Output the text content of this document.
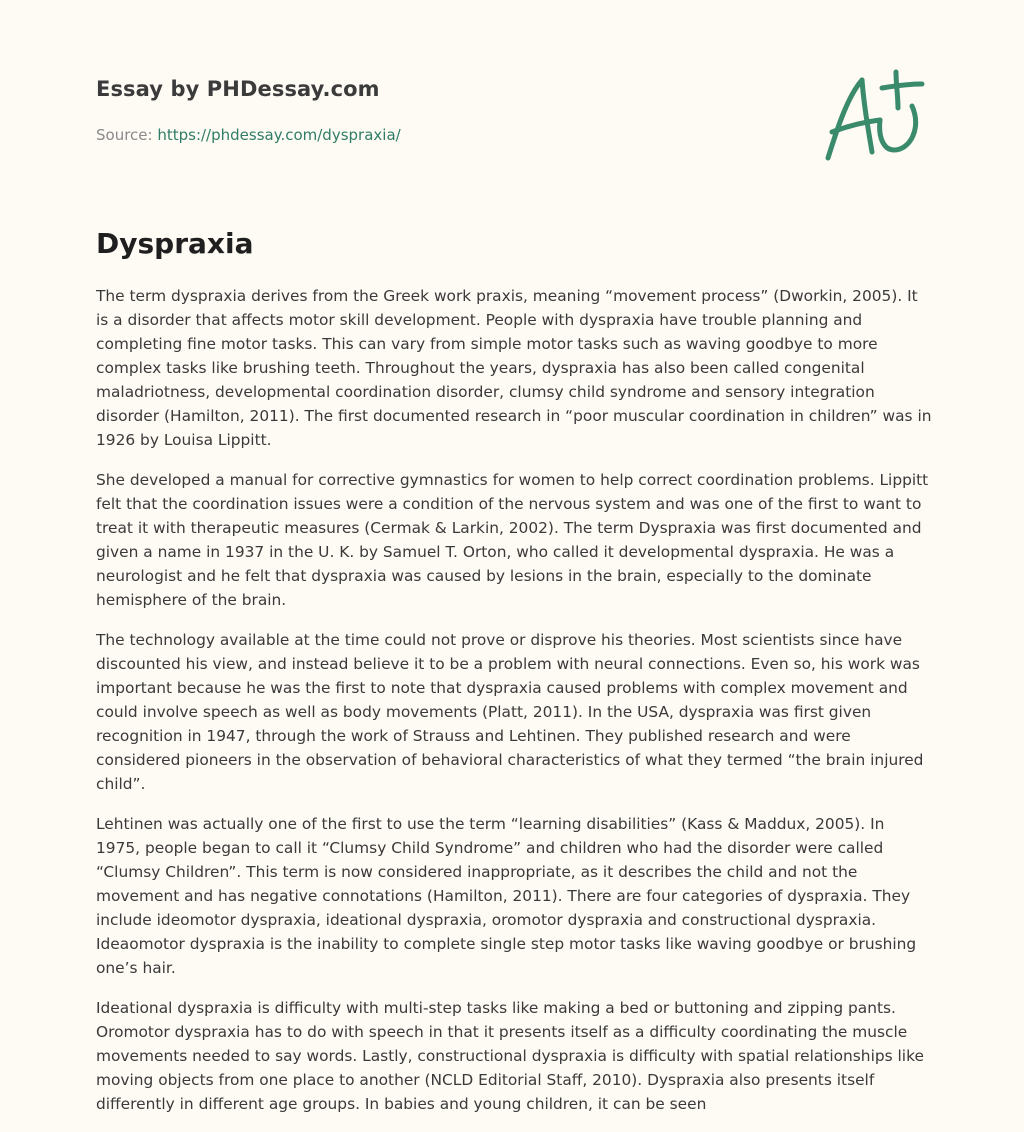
Essay by PHDessay.com
Source: https://phdessay.com/dyspraxia/
Dyspraxia

The term dyspraxia derives from the Greek work praxis, meaning “movement process” (Dworkin, 2005). It is a disorder that affects motor skill development. People with dyspraxia have trouble planning and completing fine motor tasks. This can vary from simple motor tasks such as waving goodbye to more complex tasks like brushing teeth. Throughout the years, dyspraxia has also been called congenital maladriotness, developmental coordination disorder, clumsy child syndrome and sensory integration disorder (Hamilton, 2011). The first documented research in “poor muscular coordination in children” was in 1926 by Louisa Lippitt.

She developed a manual for corrective gymnastics for women to help correct coordination problems. Lippitt felt that the coordination issues were a condition of the nervous system and was one of the first to want to treat it with therapeutic measures (Cermak & Larkin, 2002). The term Dyspraxia was first documented and given a name in 1937 in the U. K. by Samuel T. Orton, who called it developmental dyspraxia. He was a neurologist and he felt that dyspraxia was caused by lesions in the brain, especially to the dominate hemisphere of the brain.

The technology available at the time could not prove or disprove his theories. Most scientists since have discounted his view, and instead believe it to be a problem with neural connections. Even so, his work was important because he was the first to note that dyspraxia caused problems with complex movement and could involve speech as well as body movements (Platt, 2011). In the USA, dyspraxia was first given recognition in 1947, through the work of Strauss and Lehtinen. They published research and were considered pioneers in the observation of behavioral characteristics of what they termed “the brain injured child”.

Lehtinen was actually one of the first to use the term “learning disabilities” (Kass & Maddux, 2005). In 1975, people began to call it “Clumsy Child Syndrome” and children who had the disorder were called “Clumsy Children”. This term is now considered inappropriate, as it describes the child and not the movement and has negative connotations (Hamilton, 2011). There are four categories of dyspraxia. They include ideomotor dyspraxia, ideational dyspraxia, oromotor dyspraxia and constructional dyspraxia. Ideaomotor dyspraxia is the inability to complete single step motor tasks like waving goodbye or brushing one’s hair.

Ideational dyspraxia is difficulty with multi-step tasks like making a bed or buttoning and zipping pants. Oromotor dyspraxia has to do with speech in that it presents itself as a difficulty coordinating the muscle movements needed to say words. Lastly, constructional dyspraxia is difficulty with spatial relationships like moving objects from one place to another (NCLD Editorial Staff, 2010). Dyspraxia also presents itself differently in different age groups. In babies and young children, it can be seen
